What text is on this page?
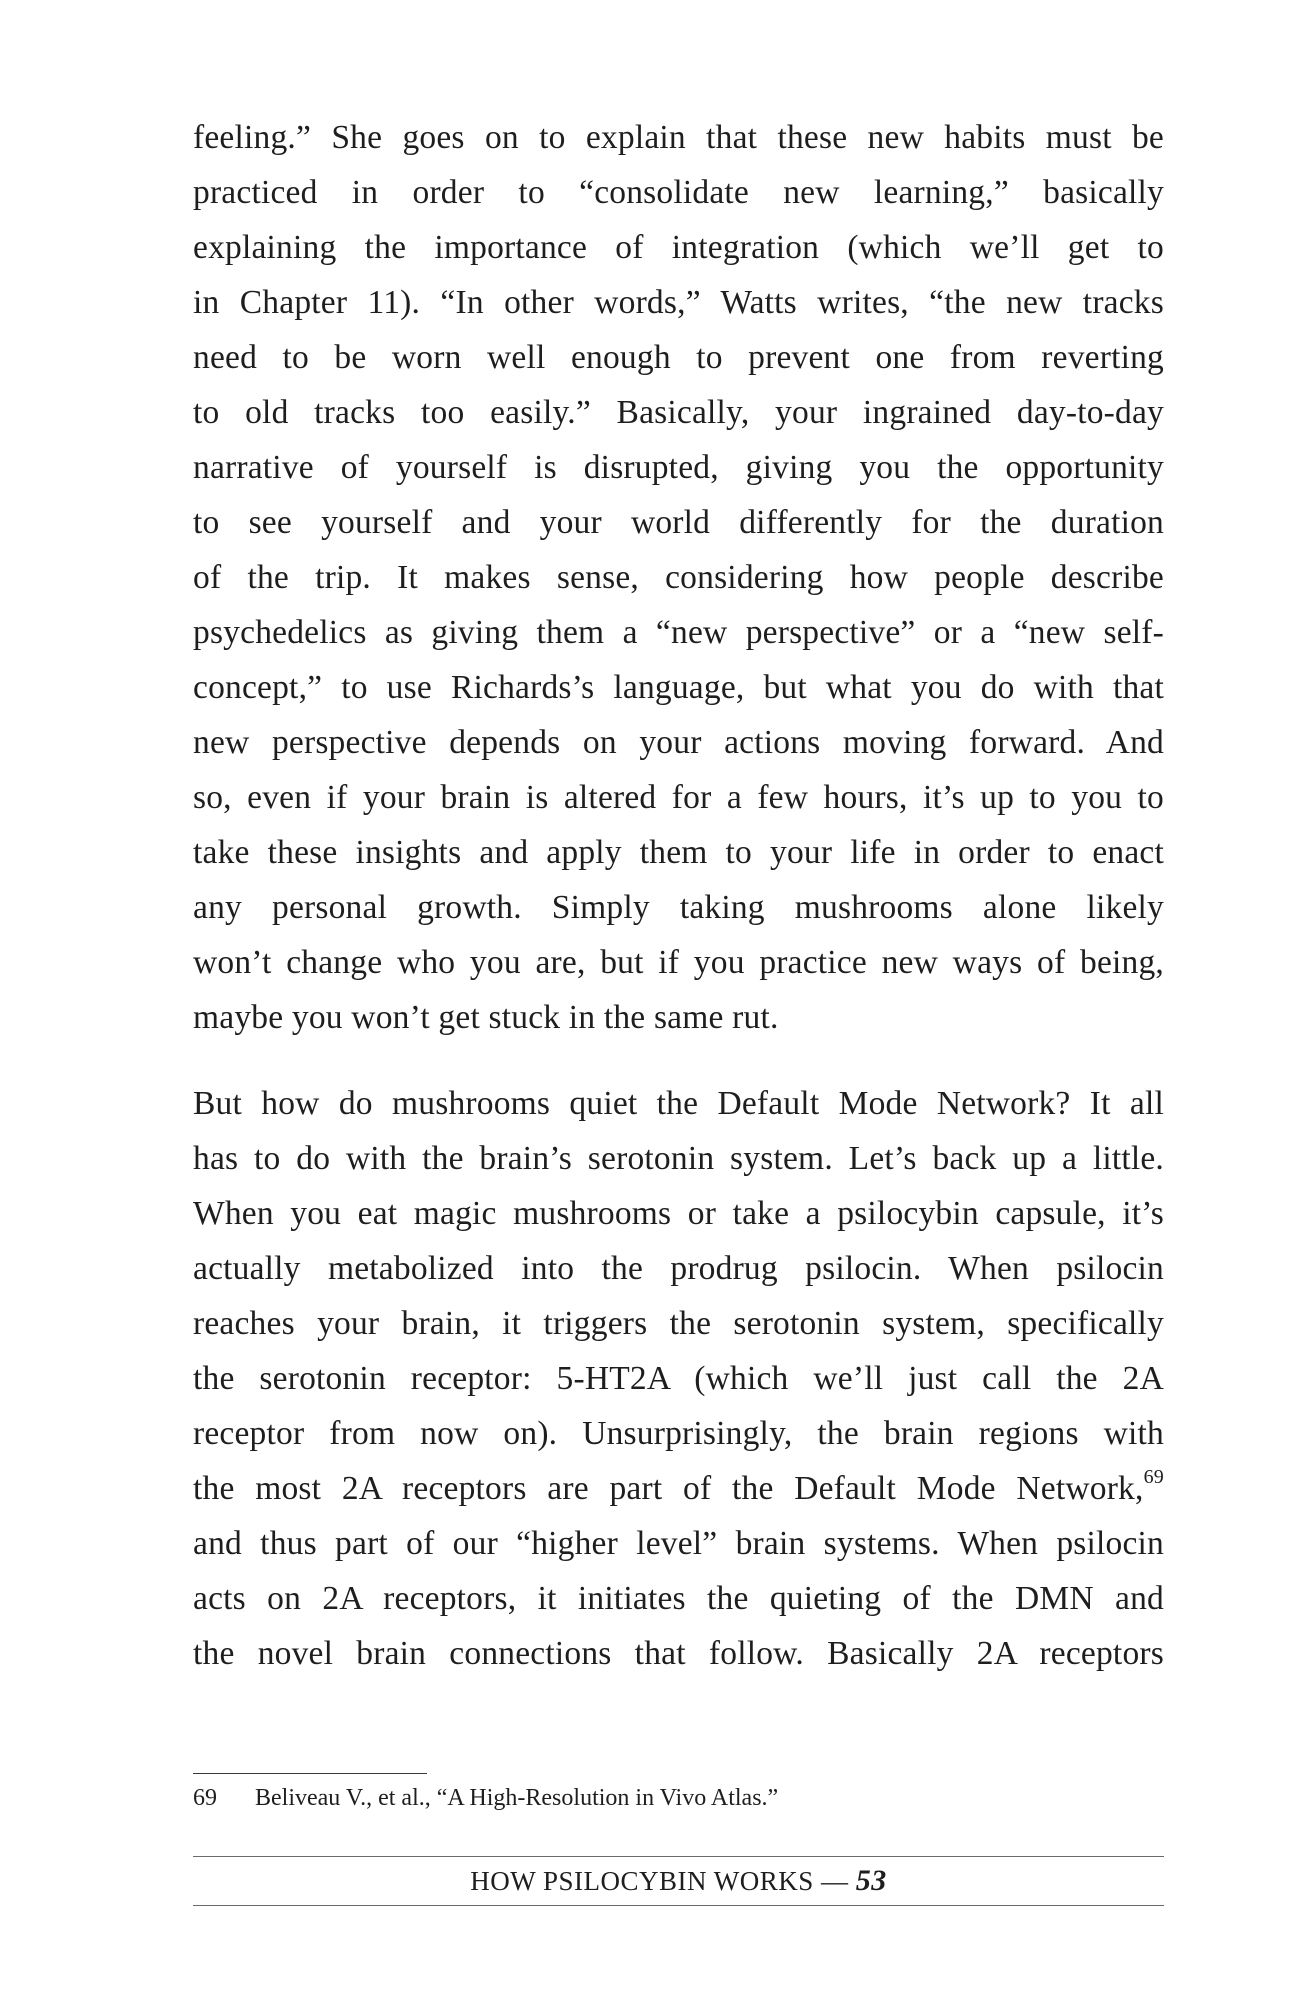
feeling.” She goes on to explain that these new habits must be
practiced in order to “consolidate new learning,” basically
explaining the importance of integration (which we’ll get to
in Chapter 11). “In other words,” Watts writes, “the new tracks
need to be worn well enough to prevent one from reverting
to old tracks too easily.” Basically, your ingrained day-to-day
narrative of yourself is disrupted, giving you the opportunity
to see yourself and your world differently for the duration
of the trip. It makes sense, considering how people describe
psychedelics as giving them a “new perspective” or a “new self-
concept,” to use Richards’s language, but what you do with that
new perspective depends on your actions moving forward. And
so, even if your brain is altered for a few hours, it’s up to you to
take these insights and apply them to your life in order to enact
any personal growth. Simply taking mushrooms alone likely
won’t change who you are, but if you practice new ways of being,
maybe you won’t get stuck in the same rut.
But how do mushrooms quiet the Default Mode Network? It all
has to do with the brain’s serotonin system. Let’s back up a little.
When you eat magic mushrooms or take a psilocybin capsule, it’s
actually metabolized into the prodrug psilocin. When psilocin
reaches your brain, it triggers the serotonin system, specifically
the serotonin receptor: 5-HT2A (which we’ll just call the 2A
receptor from now on). Unsurprisingly, the brain regions with
the most 2A receptors are part of the Default Mode Network,$^{69}$
and thus part of our “higher level” brain systems. When psilocin
acts on 2A receptors, it initiates the quieting of the DMN and
the novel brain connections that follow. Basically 2A receptors
69 Beliveau V., et al., “A High-Resolution in Vivo Atlas.”
HOW PSILOCYBIN WORKS — 53
